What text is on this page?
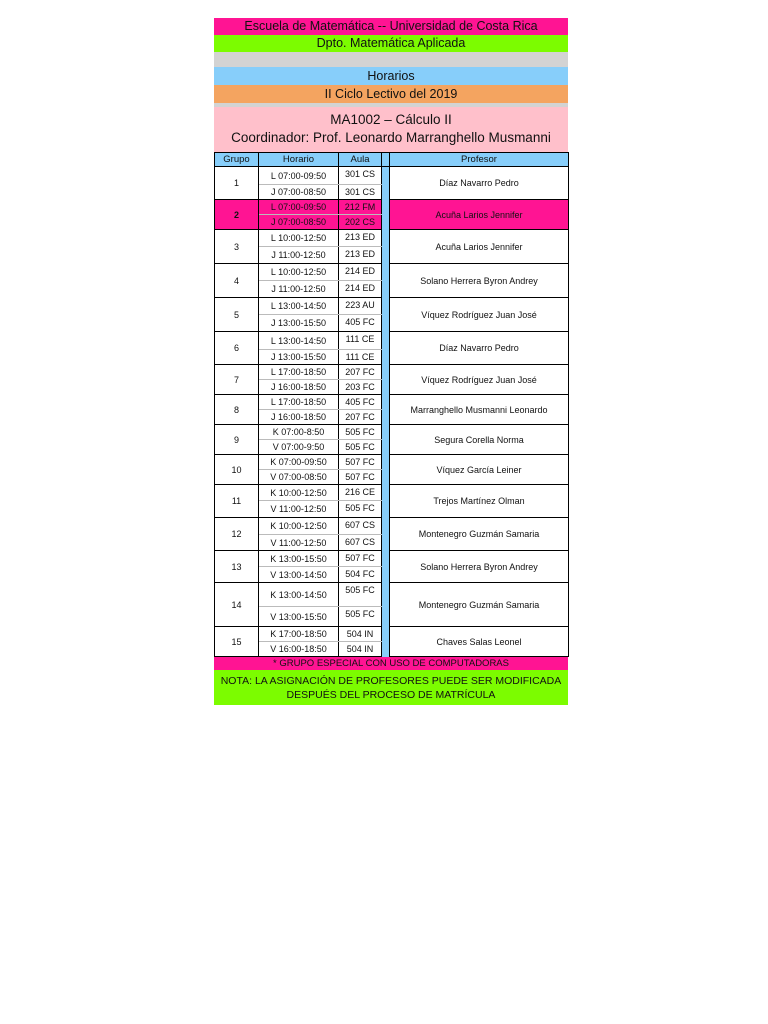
Escuela de Matemática -- Universidad de Costa Rica
Dpto. Matemática Aplicada
Horarios
II Ciclo Lectivo del 2019
MA1002 – Cálculo II
Coordinador: Prof. Leonardo Marranghello Musmanni
Grupo	Horario	Aula		Profesor
1	L 07:00-09:50	301 CS		Díaz Navarro Pedro
	J 07:00-08:50	301 CS		
2	L 07:00-09:50	212 FM		Acuña Larios Jennifer
	J 07:00-08:50	202 CS		
3	L 10:00-12:50	213 ED		Acuña Larios Jennifer
	J 11:00-12:50	213 ED		
4	L 10:00-12:50	214 ED		Solano Herrera Byron Andrey
	J 11:00-12:50	214 ED		
5	L 13:00-14:50	223 AU		Víquez Rodríguez Juan José
	J 13:00-15:50	405 FC		
6	L 13:00-14:50	111 CE		Díaz Navarro Pedro
	J 13:00-15:50	111 CE		
7	L 17:00-18:50	207 FC		Víquez Rodríguez Juan José
	J 16:00-18:50	203 FC		
8	L 17:00-18:50	405 FC		Marranghello Musmanni Leonardo
	J 16:00-18:50	207 FC		
9	K 07:00-8:50	505 FC		Segura Corella Norma
	V 07:00-9:50	505 FC		
10	K 07:00-09:50	507 FC		Víquez García Leiner
	V 07:00-08:50	507 FC		
11	K 10:00-12:50	216 CE		Trejos Martínez Olman
	V 11:00-12:50	505 FC		
12	K 10:00-12:50	607 CS		Montenegro Guzmán Samaria
	V 11:00-12:50	607 CS		
13	K 13:00-15:50	507 FC		Solano Herrera Byron Andrey
	V 13:00-14:50	504 FC		
14	K 13:00-14:50	505 FC		Montenegro Guzmán Samaria
	V 13:00-15:50	505 FC		
15	K 17:00-18:50	504 IN		Chaves Salas Leonel
	V 16:00-18:50	504 IN		
* GRUPO ESPECIAL CON USO DE COMPUTADORAS
NOTA: LA ASIGNACIÓN DE PROFESORES PUEDE SER MODIFICADA DESPUÉS DEL PROCESO DE MATRÍCULA
